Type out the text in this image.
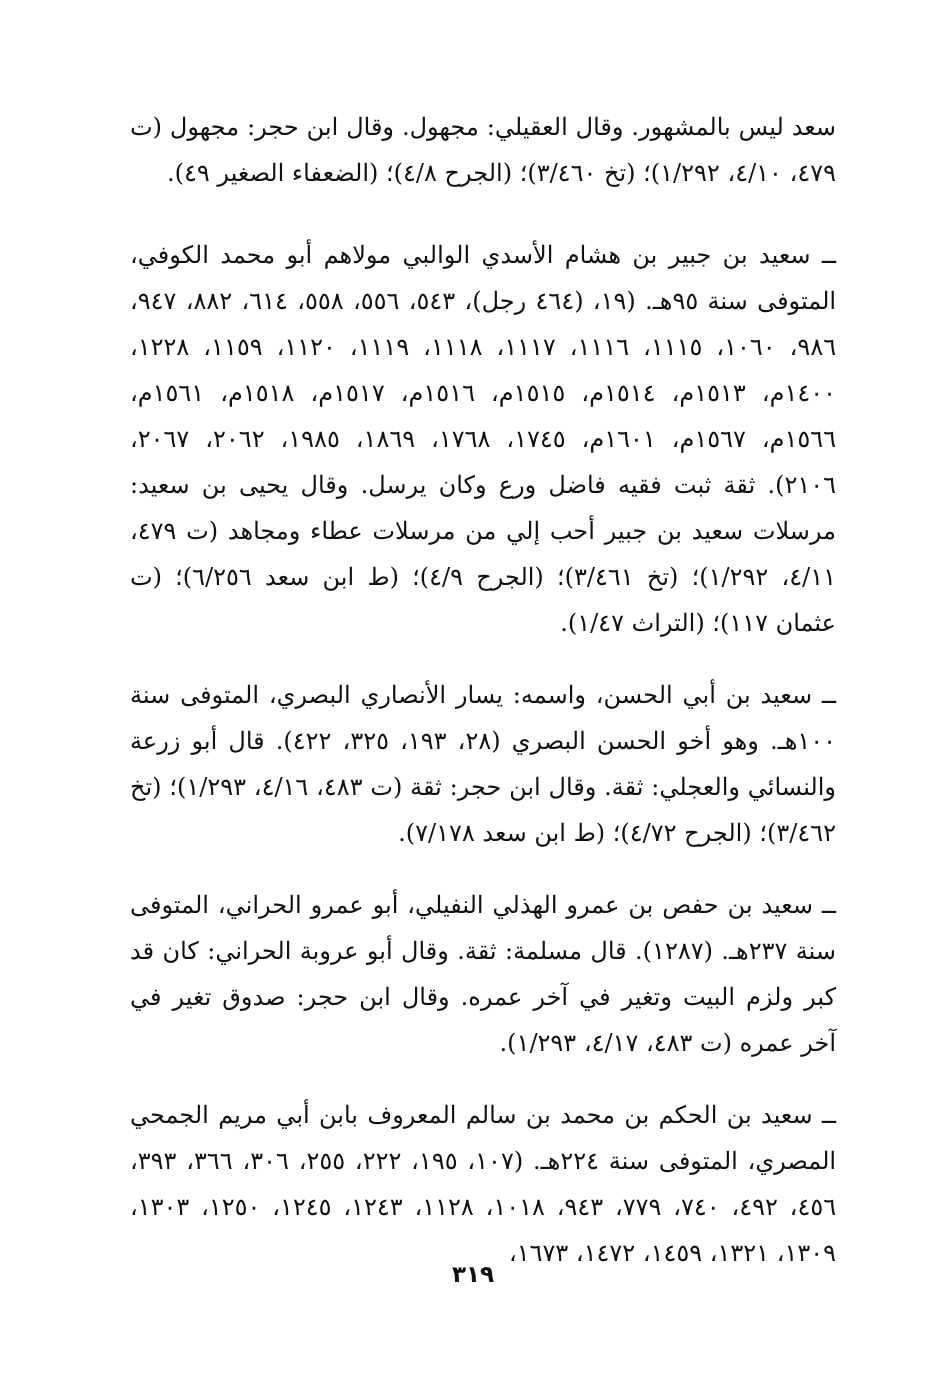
سعد ليس بالمشهور. وقال العقيلي: مجهول. وقال ابن حجر: مجهول (ت ٤٧٩، ٤/١٠، ١/٢٩٢)؛ (تخ ٣/٤٦٠)؛ (الجرح ٤/٨)؛ (الضعفاء الصغير ٤٩).

ــ سعيد بن جبير بن هشام الأسدي الوالبي مولاهم أبو محمد الكوفي، المتوفى سنة ٩٥هـ. (١٩، (٤٦٤ رجل)، ٥٤٣، ٥٥٦، ٥٥٨، ٦١٤، ٨٨٢، ٩٤٧، ٩٨٦، ١٠٦٠، ١١١٥، ١١١٦، ١١١٧، ١١١٨، ١١١٩، ١١٢٠، ١١٥٩، ١٢٢٨، ١٤٠٠م، ١٥١٣م، ١٥١٤م، ١٥١٥م، ١٥١٦م، ١٥١٧م، ١٥١٨م، ١٥٦١م، ١٥٦٦م، ١٥٦٧م، ١٦٠١م، ١٧٤٥، ١٧٦٨، ١٨٦٩، ١٩٨٥، ٢٠٦٢، ٢٠٦٧، ٢١٠٦). ثقة ثبت فقيه فاضل ورع وكان يرسل. وقال يحيى بن سعيد: مرسلات سعيد بن جبير أحب إلي من مرسلات عطاء ومجاهد (ت ٤٧٩، ٤/١١، ١/٢٩٢)؛ (تخ ٣/٤٦١)؛ (الجرح ٤/٩)؛ (ط ابن سعد ٦/٢٥٦)؛ (ت عثمان ١١٧)؛ (التراث ١/٤٧).

ــ سعيد بن أبي الحسن، واسمه: يسار الأنصاري البصري، المتوفى سنة ١٠٠هـ. وهو أخو الحسن البصري (٢٨، ١٩٣، ٣٢٥، ٤٢٢). قال أبو زرعة والنسائي والعجلي: ثقة. وقال ابن حجر: ثقة (ت ٤٨٣، ٤/١٦، ١/٢٩٣)؛ (تخ ٣/٤٦٢)؛ (الجرح ٤/٧٢)؛ (ط ابن سعد ٧/١٧٨).

ــ سعيد بن حفص بن عمرو الهذلي النفيلي، أبو عمرو الحراني، المتوفى سنة ٢٣٧هـ. (١٢٨٧). قال مسلمة: ثقة. وقال أبو عروبة الحراني: كان قد كبر ولزم البيت وتغير في آخر عمره. وقال ابن حجر: صدوق تغير في آخر عمره (ت ٤٨٣، ٤/١٧، ١/٢٩٣).

ــ سعيد بن الحكم بن محمد بن سالم المعروف بابن أبي مريم الجمحي المصري، المتوفى سنة ٢٢٤هـ. (١٠٧، ١٩٥، ٢٢٢، ٢٥٥، ٣٠٦، ٣٦٦، ٣٩٣، ٤٥٦، ٤٩٢، ٧٤٠، ٧٧٩، ٩٤٣، ١٠١٨، ١١٢٨، ١٢٤٣، ١٢٤٥، ١٢٥٠، ١٣٠٣، ١٣٠٩، ١٣٢١، ١٤٥٩، ١٤٧٢، ١٦٧٣،

٣١٩
